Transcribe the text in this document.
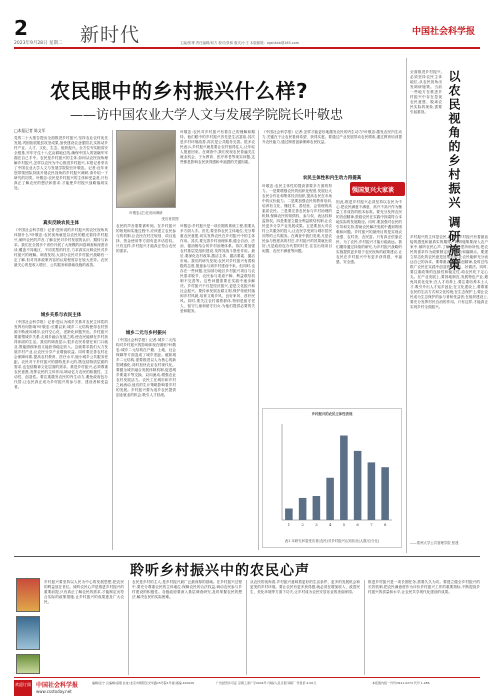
2
2023年9月28日 星期二 新时代	中国社会科学报
主编/张博 责任编辑/何方 校对/张林 版式/小王 本版邮箱：zgshkxb@163.com
农民眼中的乡村振兴什么样?
——访中国农业大学人文与发展学院院长叶敬忠
□本报记者 陈文军
党的二十大报告提出全面推进乡村振兴,坚持农业农村优先发展,巩固拓展脱贫攻坚成果,加快建设农业强国,扎实推动乡村产业、人才、文化、生态、组织振兴。全方位夯实粮食安全根基,牢牢守住十八亿亩耕地红线,确保中国人的饭碗牢牢端在自己手中。农民是乡村振兴的主体,如何从农民视角理解乡村振兴,怎样以农民为中心推进乡村振兴,本报记者采访了中国农业大学人文与发展学院院长叶敬忠。记者:近年来您带领团队持续开展农民视角的乡村振兴调研,请介绍一下研究的初衷。叶敬忠:农民是乡村振兴的主体和受益者,只有真正了解农民的想法和需求,才能使乡村振兴战略落到实处。
真实反映农民主体
《中国社会科学报》记者:您所说的乡村振兴的农民视角具体指什么?叶敬忠:农民视角就是以农民的眼光看待乡村振兴,倾听农民的声音,了解农民对乡村发展的认识、期待与诉求。我们在全国多个省份开展了大规模的问卷调查和深度访谈,覆盖不同地区、不同类型的村庄,力求真实反映农民对乡村振兴的理解。调查发现,大部分农民对乡村振兴战略有一定了解,但对具体政策内容的认知程度存在较大差异。农民最关心的是收入增长、公共服务和基础设施的改善。
城乡关系与农民主体
《中国社会科学报》记者:您认为城乡关系对农民主体性的发挥有何影响?叶敬忠:长期以来,城乡二元结构使得农村资源不断流向城市,农村空心化、老龄化问题突出。乡村振兴要重塑城乡关系,走城乡融合发展之路,使农民能够在乡村获得体面的生活。我们的调查显示,很多农民希望在家门口就业,既能照顾家庭又能获得稳定收入。这就要求我们大力发展乡村产业,让农民分享产业增值收益。同时要完善农村社会保障体系,提高农村教育、医疗水平,缩小城乡公共服务差距。农民对于乡村振兴的期待是多元的,既包括物质层面的需求,也包括精神文化层面的需求。推进乡村振兴,必须尊重农民意愿,发挥农民的主体作用,调动亿万农民的积极性、主动性、创造性。要注重激发农民的内生动力,避免政府包办代替,让农民真正成为乡村振兴的参与者、建设者和受益者。
叶敬忠(左)在田间调研
受访者供图
叶敬忠:农民对乡村振兴有着自己的理解和期待。他们眼中的乡村振兴首先是生活富裕,其次是乡村环境改善,再次是公共服务完善。很多农民表示,乡村振兴就是要让农村留得住人,让年轻人愿意回来。在调查中,我们发现农民普遍关注就业机会、子女教育、医疗养老等现实问题,这些都是影响农民获得感和幸福感的关键因素。
农民的声音需要被听到。在乡村振兴的规划和实施过程中,应该建立农民参与的机制,让农民在村庄规划、项目选择、资金使用等方面有更多话语权。只有这样,乡村振兴才能真正符合农民的需求。
城乡二元与乡村振兴
《中国社会科学报》记者:城乡二元结构对乡村振兴的影响体现在哪里?叶敬忠:城乡二元结构在户籍、土地、社会保障等方面造成了城乡差距。破除城乡二元结构,需要推进以人为核心的新型城镇化,同时加快农业农村现代化。要健全城乡融合发展体制机制,促进城乡要素平等交换、双向流动,增强农业农村发展活力。农民工在城市和乡村之间流动,他们的生计策略影响着乡村的发展。乡村振兴要为返乡农民提供创业就业的机会,吸引人才回流。
叶敬忠:乡村振兴是一项长期的系统工程,需要从多方面入手。首先,要坚持农民主体地位,充分尊重农民意愿,切实发挥农民在乡村振兴中的主体作用。其次,要完善乡村治理体系,健全自治、法治、德治相结合的乡村治理体系。再次,要加强农村基层党组织建设,发挥其战斗堡垒作用。最后,要深化农村改革,激活主体、激活要素、激活市场。我们的研究发现,农民对乡村振兴有着积极的态度,愿意参与到乡村建设中来。但同时,也存在一些问题,比如部分地区乡村振兴项目与农民需求脱节、农民参与渠道不畅、利益联结机制不完善等。这些问题需要在实践中逐步解决。乡村振兴不仅是经济振兴,更是文化振兴和社会振兴。要传承发展农耕文明,保护传统村落和乡村风貌,培育文明乡风、良好家风、淳朴民风。同时,要关注农村弱势群体,特别是留守老人、留守儿童和留守妇女,为他们提供必要的关爱和服务。
《中国社会科学报》记者:怎样才能更好地激发农民的内生动力?叶敬忠:激发农民内生动力,关键在于让农民看到希望、获得实惠。要通过产业发展带动农民增收,通过教育培训提升农民能力,通过制度创新保障农民权益。
农民主体性和内生动力再提高
强国复兴大家谈
叶敬忠:农民主体性的提高需要多方面的努力。一是要增强农民的组织化程度,发展壮大农民合作社和集体经济组织,提高农民在市场中的议价能力。二是要加强农民的教育培训,培养有文化、懂技术、善经营、会管理的高素质农民。三是要完善农民参与乡村治理的机制,保障农民的知情权、参与权、表达权和监督权。四是要建立健全利益联结机制,让农民更多分享产业发展成果。五是要加大对农村公共服务的投入,让农民享受到与城市居民同等的公共服务。在调查中我们发现,凡是农民参与程度高的村庄,乡村振兴的效果就比较好;凡是政府包办代替的村庄,往往出现项目闲置、农民不满意等问题。
因此,推进乡村振兴必须坚持以农民为中心,把农民满意不满意、高兴不高兴作为衡量工作成效的根本标准。要充分发挥农民的首创精神,鼓励农民在实践中探索符合本地实际的发展路径。同时,要加强对农民的引导和支持,帮助农民解决发展中遇到的困难和问题。乡村振兴的最终目的是实现农业强、农村美、农民富。只有真正依靠农民、为了农民,乡村振兴才能行稳致远。我们期待通过持续的研究,为乡村振兴战略的实施提供更多基于农民视角的政策建议,让农民在乡村振兴中有更多获得感、幸福感、安全感。
乡村振兴的农民主体性表现
1	2	3	4	5	6	7	8
表1 本研究问卷受访者(农民)对乡村振兴认知状况(人数/百分比)
以农民视角的乡村振兴 调研施策
全面推进乡村振兴,必须坚持农民主体地位,从农民视角出发调研施策。当前一些地方在推进乡村振兴中存在忽视农民意愿、脱离农民实际的现象,需要引起重视。
乡村振兴的主体是农民,农民对乡村振兴有着最直接的感受和最真实的期待。调研施策要深入农户家中,倾听农民心声,了解农民所思所盼所忧,把农民的需求作为政策制定的出发点和落脚点。要建立常态化的农民意见征集机制,让农民能够充分表达自己的诉求。要尊重农民的首创精神,及时总结推广农民在实践中创造的好经验、好做法。同时,要注重政策的连续性和稳定性,给农民吃下定心丸。在产业发展上,要因地制宜,发展特色产业,避免同质化竞争;在人才培养上,要注重培养本土人才,吸引外出人才返乡创业;在文化建设上,要尊重农民的生活方式和文化传统;在生态保护上,要让农民成为生态保护的参与者和受益者;在组织建设上,要充分发挥村民自治的作用。只有这样,才能真正实现乡村全面振兴。
——郑州大学公共管理学院 张建
聆听乡村振兴中的农民心声
乡村振兴要坚持以人民为中心的发展思想,把农民的利益放在首位。倾听农民心声是推进乡村振兴的重要前提,只有真正了解农民的需求,才能制定出符合实际的政策措施,让乡村振兴的成果惠及广大农民。
农民是乡村的主人,是乡村振兴最广泛最深厚的基础。在乡村振兴过程中,要充分尊重农民的主体地位,保障农民的合法权益,调动农民参与乡村建设的积极性。各级政府要深入基层调查研究,及时掌握农民的想法,解决农民的实际困难。
从农民的视角看,乡村振兴意味着更好的生活条件、更多的发展机会和更美的乡村环境。要让农民有更多获得感,就必须在增加收入、改善民生、美化环境等方面下功夫,让乡村成为农民安居乐业的美丽家园。
推进乡村振兴是一项长期任务,需要久久为功。要建立健全乡村振兴的长效机制,把农民满意度作为评价乡村振兴工作的重要指标,不断提高乡村振兴的质量和水平,让农民共享现代化建设的成果。
欢迎订阅 中国社会科学报
www.csstoday.net
编辑/张宁 总编辑/高翔 社址/北京市朝阳区光华路15号院1号楼 邮编:100026	广告经营许可证 京朝工商广字0044号 印刷/人民日报印刷厂 零售价:2.00元	本报国内统一刊号CN11-0274 代号 1-286
